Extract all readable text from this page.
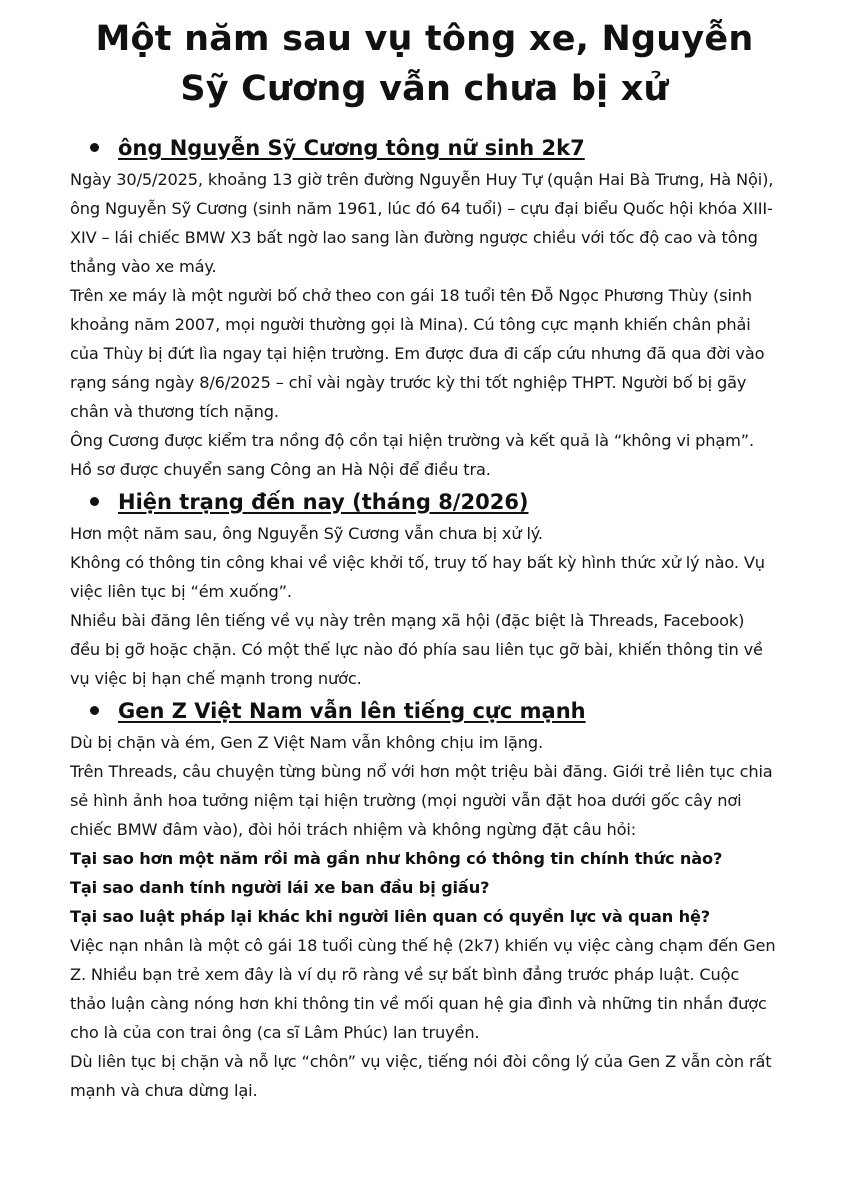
Một năm sau vụ tông xe, Nguyễn
Sỹ Cương vẫn chưa bị xử
ông Nguyễn Sỹ Cương tông nữ sinh 2k7

Ngày 30/5/2025, khoảng 13 giờ trên đường Nguyễn Huy Tự (quận Hai Bà Trưng, Hà Nội), ông Nguyễn Sỹ Cương (sinh năm 1961, lúc đó 64 tuổi) – cựu đại biểu Quốc hội khóa XIII-XIV – lái chiếc BMW X3 bất ngờ lao sang làn đường ngược chiều với tốc độ cao và tông thẳng vào xe máy.

Trên xe máy là một người bố chở theo con gái 18 tuổi tên Đỗ Ngọc Phương Thùy (sinh khoảng năm 2007, mọi người thường gọi là Mina). Cú tông cực mạnh khiến chân phải của Thùy bị đứt lìa ngay tại hiện trường. Em được đưa đi cấp cứu nhưng đã qua đời vào rạng sáng ngày 8/6/2025 – chỉ vài ngày trước kỳ thi tốt nghiệp THPT. Người bố bị gãy chân và thương tích nặng.

Ông Cương được kiểm tra nồng độ cồn tại hiện trường và kết quả là “không vi phạm”. Hồ sơ được chuyển sang Công an Hà Nội để điều tra.

Hiện trạng đến nay (tháng 8/2026)

Hơn một năm sau, ông Nguyễn Sỹ Cương vẫn chưa bị xử lý.

Không có thông tin công khai về việc khởi tố, truy tố hay bất kỳ hình thức xử lý nào. Vụ việc liên tục bị “ém xuống”.

Nhiều bài đăng lên tiếng về vụ này trên mạng xã hội (đặc biệt là Threads, Facebook) đều bị gỡ hoặc chặn. Có một thế lực nào đó phía sau liên tục gỡ bài, khiến thông tin về vụ việc bị hạn chế mạnh trong nước.

Gen Z Việt Nam vẫn lên tiếng cực mạnh

Dù bị chặn và ém, Gen Z Việt Nam vẫn không chịu im lặng.

Trên Threads, câu chuyện từng bùng nổ với hơn một triệu bài đăng. Giới trẻ liên tục chia sẻ hình ảnh hoa tưởng niệm tại hiện trường (mọi người vẫn đặt hoa dưới gốc cây nơi chiếc BMW đâm vào), đòi hỏi trách nhiệm và không ngừng đặt câu hỏi:

Tại sao hơn một năm rồi mà gần như không có thông tin chính thức nào?

Tại sao danh tính người lái xe ban đầu bị giấu?

Tại sao luật pháp lại khác khi người liên quan có quyền lực và quan hệ?

Việc nạn nhân là một cô gái 18 tuổi cùng thế hệ (2k7) khiến vụ việc càng chạm đến Gen Z. Nhiều bạn trẻ xem đây là ví dụ rõ ràng về sự bất bình đẳng trước pháp luật. Cuộc thảo luận càng nóng hơn khi thông tin về mối quan hệ gia đình và những tin nhắn được cho là của con trai ông (ca sĩ Lâm Phúc) lan truyền.

Dù liên tục bị chặn và nỗ lực “chôn” vụ việc, tiếng nói đòi công lý của Gen Z vẫn còn rất mạnh và chưa dừng lại.
